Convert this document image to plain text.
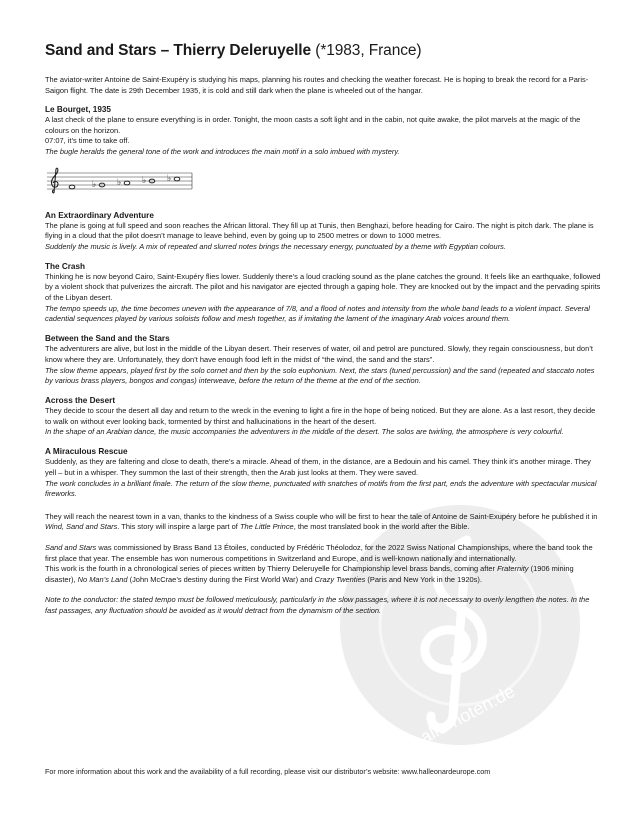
alle-noten.de
Sand and Stars – Thierry Deleruyelle (*1983, France)

The aviator-writer Antoine de Saint-Exupéry is studying his maps, planning his routes and checking the weather forecast. He is hoping to break the record for a Paris-Saigon flight. The date is 29th December 1935, it is cold and still dark when the plane is wheeled out of the hangar.

Le Bourget, 1935

A last check of the plane to ensure everything is in order. Tonight, the moon casts a soft light and in the cabin, not quite awake, the pilot marvels at the magic of the colours on the horizon.

07:07, it’s time to take off.

The bugle heralds the general tone of the work and introduces the main motif in a solo imbued with mystery.

♭ ♭ ♭ ♭
An Extraordinary Adventure

The plane is going at full speed and soon reaches the African littoral. They fill up at Tunis, then Benghazi, before heading for Cairo. The night is pitch dark. The plane is flying in a cloud that the pilot doesn’t manage to leave behind, even by going up to 2500 metres or down to 1000 metres.

Suddenly the music is lively. A mix of repeated and slurred notes brings the necessary energy, punctuated by a theme with Egyptian colours.

The Crash

Thinking he is now beyond Cairo, Saint-Exupéry flies lower. Suddenly there’s a loud cracking sound as the plane catches the ground. It feels like an earthquake, followed by a violent shock that pulverizes the aircraft. The pilot and his navigator are ejected through a gaping hole. They are knocked out by the impact and the pervading spirits of the Libyan desert.

The tempo speeds up, the time becomes uneven with the appearance of 7/8, and a flood of notes and intensity from the whole band leads to a violent impact. Several cadential sequences played by various soloists follow and mesh together, as if imitating the lament of the imaginary Arab voices around them.

Between the Sand and the Stars

The adventurers are alive, but lost in the middle of the Libyan desert. Their reserves of water, oil and petrol are punctured. Slowly, they regain consciousness, but don’t know where they are. Unfortunately, they don’t have enough food left in the midst of “the wind, the sand and the stars”.

The slow theme appears, played first by the solo cornet and then by the solo euphonium. Next, the stars (tuned percussion) and the sand (repeated and staccato notes by various brass players, bongos and congas) interweave, before the return of the theme at the end of the section.

Across the Desert

They decide to scour the desert all day and return to the wreck in the evening to light a fire in the hope of being noticed. But they are alone. As a last resort, they decide to walk on without ever looking back, tormented by thirst and hallucinations in the heart of the desert.

In the shape of an Arabian dance, the music accompanies the adventurers in the middle of the desert. The solos are twirling, the atmosphere is very colourful.

A Miraculous Rescue

Suddenly, as they are faltering and close to death, there’s a miracle. Ahead of them, in the distance, are a Bedouin and his camel. They think it’s another mirage. They yell – but in a whisper. They summon the last of their strength, then the Arab just looks at them. They were saved.

The work concludes in a brilliant finale. The return of the slow theme, punctuated with snatches of motifs from the first part, ends the adventure with spectacular musical fireworks.

They will reach the nearest town in a van, thanks to the kindness of a Swiss couple who will be first to hear the tale of Antoine de Saint-Exupéry before he published it in Wind, Sand and Stars. This story will inspire a large part of The Little Prince, the most translated book in the world after the Bible.

Sand and Stars was commissioned by Brass Band 13 Étoiles, conducted by Frédéric Théolodoz, for the 2022 Swiss National Championships, where the band took the first place that year. The ensemble has won numerous competitions in Switzerland and Europe, and is well-known nationally and internationally.

This work is the fourth in a chronological series of pieces written by Thierry Deleruyelle for Championship level brass bands, coming after Fraternity (1906 mining disaster), No Man’s Land (John McCrae’s destiny during the First World War) and Crazy Twenties (Paris and New York in the 1920s).

Note to the conductor: the stated tempo must be followed meticulously, particularly in the slow passages, where it is not necessary to overly lengthen the notes. In the fast passages, any fluctuation should be avoided as it would detract from the dynamism of the section.

For more information about this work and the availability of a full recording, please visit our distributor’s website: www.halleonardeurope.com
